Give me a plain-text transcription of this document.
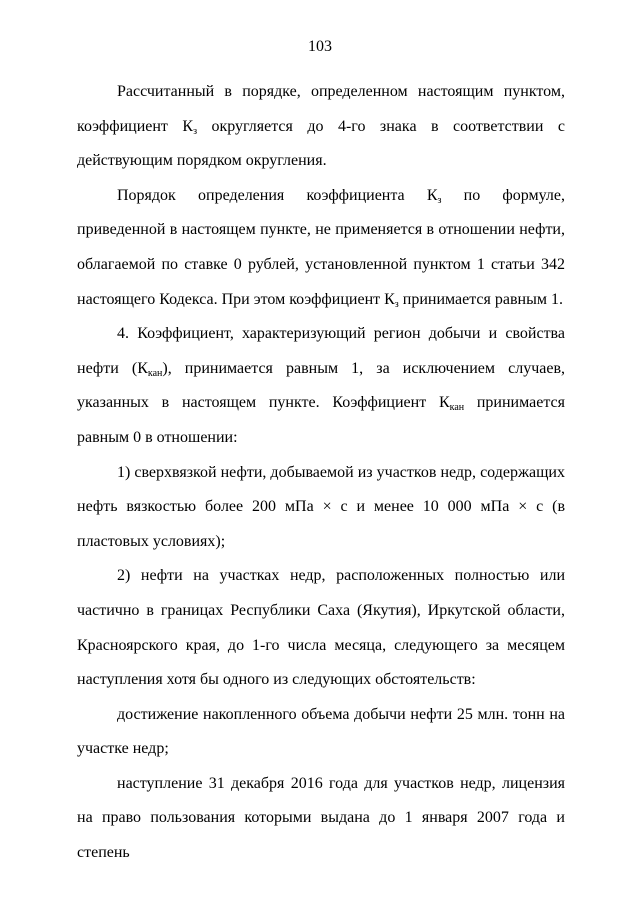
103

Рассчитанный в порядке, определенном настоящим пунктом, коэффициент $К_з$ округляется до 4-го знака в соответствии с действующим порядком округления.

Порядок определения коэффициента $К_з$ по формуле, приведенной в настоящем пункте, не применяется в отношении нефти, облагаемой по ставке 0 рублей, установленной пунктом 1 статьи 342 настоящего Кодекса. При этом коэффициент $К_з$ принимается равным 1.

4. Коэффициент, характеризующий регион добычи и свойства нефти $(К_{кан})$, принимается равным 1, за исключением случаев, указанных в настоящем пункте. Коэффициент $К_{кан}$ принимается равным 0 в отношении:

1) сверхвязкой нефти, добываемой из участков недр, содержащих нефть вязкостью более 200 мПа × с и менее 10 000 мПа × с (в пластовых условиях);

2) нефти на участках недр, расположенных полностью или частично в границах Республики Саха (Якутия), Иркутской области, Красноярского края, до 1-го числа месяца, следующего за месяцем наступления хотя бы одного из следующих обстоятельств:

достижение накопленного объема добычи нефти 25 млн. тонн на участке недр;

наступление 31 декабря 2016 года для участков недр, лицензия на право пользования которыми выдана до 1 января 2007 года и степень
